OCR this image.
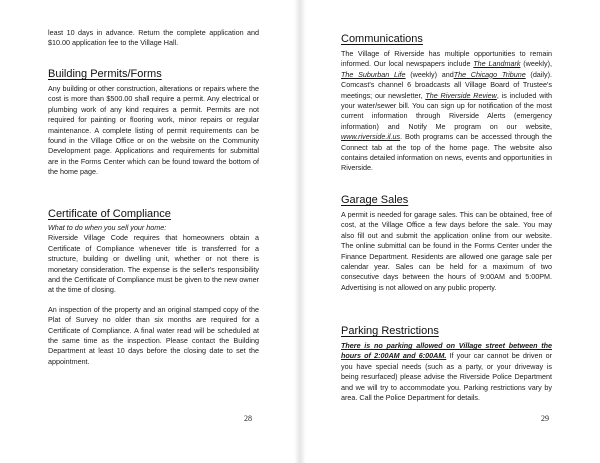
least 10 days in advance. Return the complete application and $10.00 application fee to the Village Hall.

Building Permits/Forms

Any building or other construction, alterations or repairs where the cost is more than $500.00 shall require a permit. Any electrical or plumbing work of any kind requires a permit. Permits are not required for painting or flooring work, minor repairs or regular maintenance. A complete listing of permit requirements can be found in the Village Office or on the website on the Community Development page. Applications and requirements for submittal are in the Forms Center which can be found toward the bottom of the home page.

Certificate of Compliance

What to do when you sell your home:

Riverside Village Code requires that homeowners obtain a Certificate of Compliance whenever title is transferred for a structure, building or dwelling unit, whether or not there is monetary consideration. The expense is the seller's responsibility and the Certificate of Compliance must be given to the new owner at the time of closing.

An inspection of the property and an original stamped copy of the Plat of Survey no older than six months are required for a Certificate of Compliance. A final water read will be scheduled at the same time as the inspection. Please contact the Building Department at least 10 days before the closing date to set the appointment.

28
Communications

The Village of Riverside has multiple opportunities to remain informed. Our local newspapers include The Landmark (weekly), The Suburban Life (weekly) andThe Chicago Tribune (daily). Comcast's channel 6 broadcasts all Village Board of Trustee's meetings; our newsletter, The Riverside Review, is included with your water/sewer bill. You can sign up for notification of the most current information through Riverside Alerts (emergency information) and Notify Me program on our website, www.riverside.il.us. Both programs can be accessed through the Connect tab at the top of the home page. The website also contains detailed information on news, events and opportunities in Riverside.

Garage Sales

A permit is needed for garage sales. This can be obtained, free of cost, at the Village Office a few days before the sale. You may also fill out and submit the application online from our website. The online submittal can be found in the Forms Center under the Finance Department. Residents are allowed one garage sale per calendar year. Sales can be held for a maximum of two consecutive days between the hours of 9:00AM and 5:00PM. Advertising is not allowed on any public property.

Parking Restrictions

There is no parking allowed on Village street between the hours of 2:00AM and 6:00AM. If your car cannot be driven or you have special needs (such as a party, or your driveway is being resurfaced) please advise the Riverside Police Department and we will try to accommodate you. Parking restrictions vary by area. Call the Police Department for details.

29
